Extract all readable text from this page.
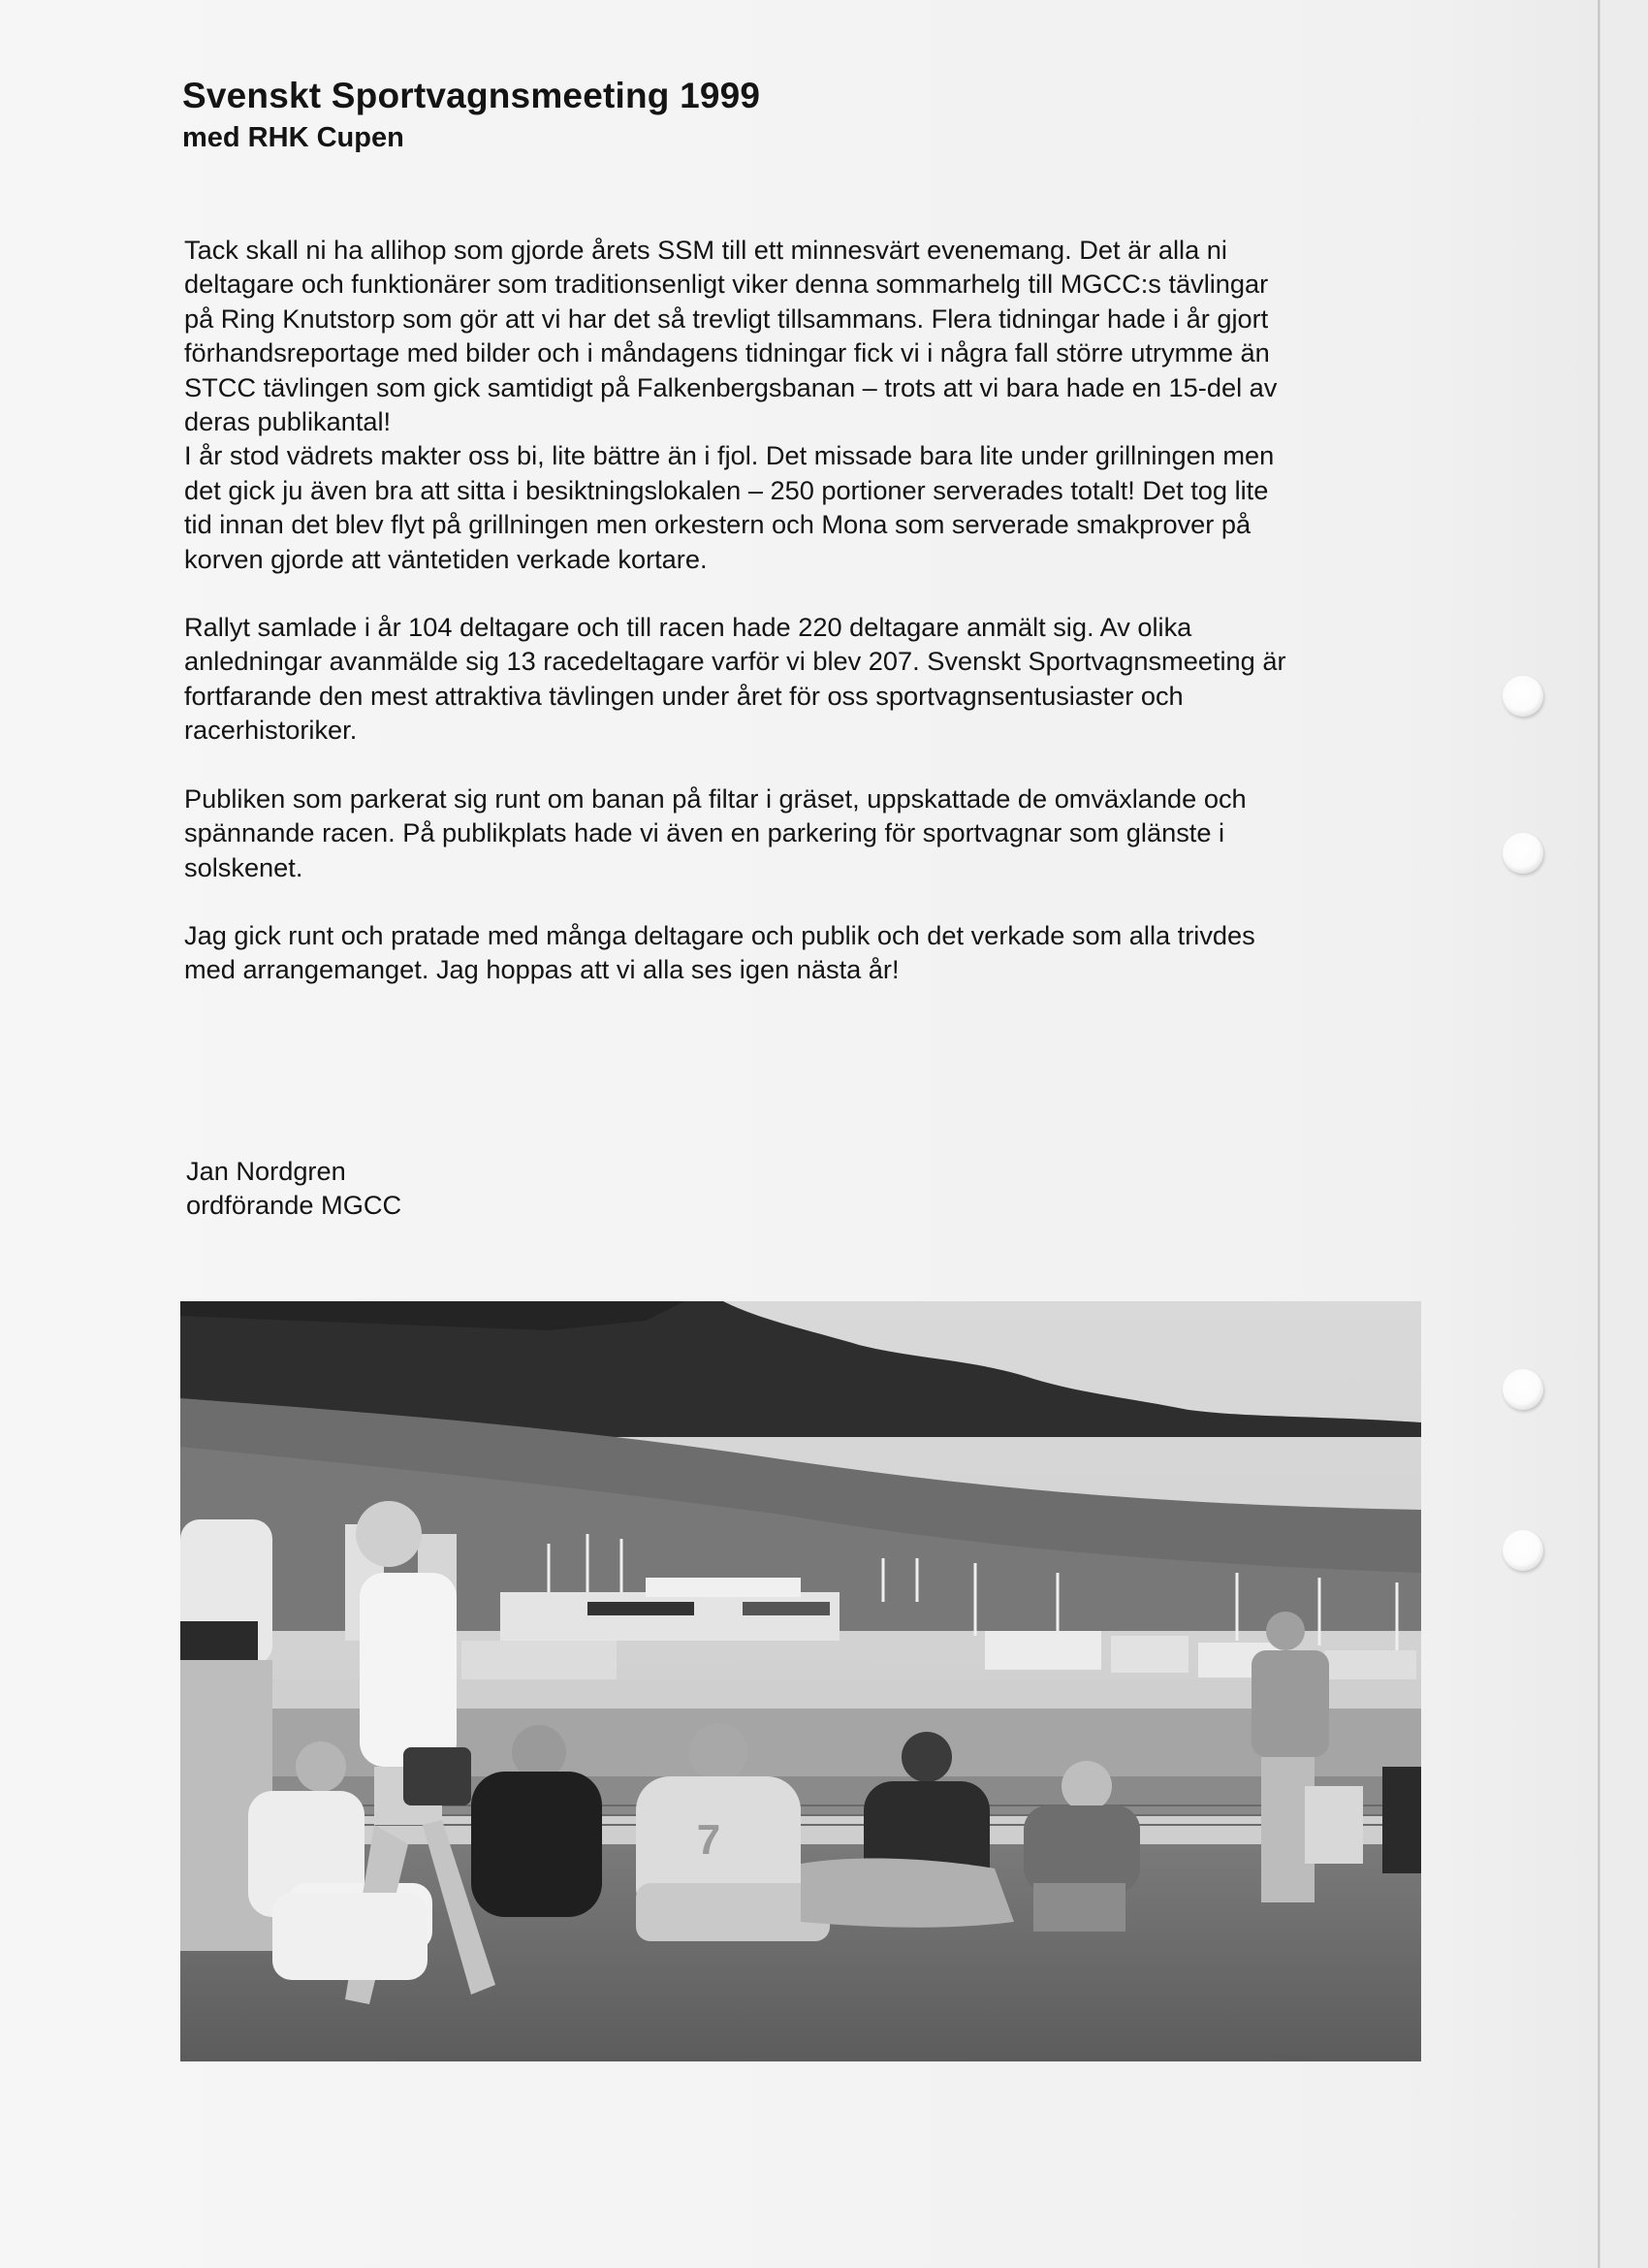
Svenskt Sportvagnsmeeting 1999
med RHK Cupen

Tack skall ni ha allihop som gjorde årets SSM till ett minnesvärt evenemang. Det är alla ni
deltagare och funktionärer som traditionsenligt viker denna sommarhelg till MGCC:s tävlingar
på Ring Knutstorp som gör att vi har det så trevligt tillsammans. Flera tidningar hade i år gjort
förhandsreportage med bilder och i måndagens tidningar fick vi i några fall större utrymme än
STCC tävlingen som gick samtidigt på Falkenbergsbanan – trots att vi bara hade en 15-del av
deras publikantal!
I år stod vädrets makter oss bi, lite bättre än i fjol. Det missade bara lite under grillningen men
det gick ju även bra att sitta i besiktningslokalen – 250 portioner serverades totalt! Det tog lite
tid innan det blev flyt på grillningen men orkestern och Mona som serverade smakprover på
korven gjorde att väntetiden verkade kortare.

Rallyt samlade i år 104 deltagare och till racen hade 220 deltagare anmält sig. Av olika
anledningar avanmälde sig 13 racedeltagare varför vi blev 207. Svenskt Sportvagnsmeeting är
fortfarande den mest attraktiva tävlingen under året för oss sportvagnsentusiaster och
racerhistoriker.

Publiken som parkerat sig runt om banan på filtar i gräset, uppskattade de omväxlande och
spännande racen. På publikplats hade vi även en parkering för sportvagnar som glänste i
solskenet.

Jag gick runt och pratade med många deltagare och publik och det verkade som alla trivdes
med arrangemanget. Jag hoppas att vi alla ses igen nästa år!

Jan Nordgren
ordförande MGCC
7
